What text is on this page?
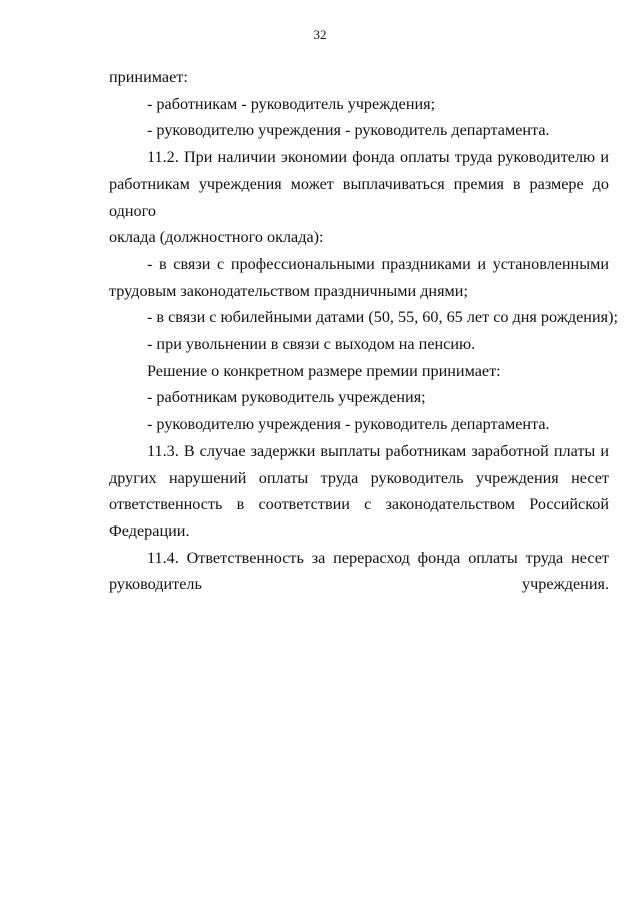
32
принимает:
- работникам - руководитель учреждения;
- руководителю учреждения - руководитель департамента.
11.2. При наличии экономии фонда оплаты труда руководителю и
работникам учреждения может выплачиваться премия в размере до одного
оклада (должностного оклада):
- в связи с профессиональными праздниками и установленными
трудовым законодательством праздничными днями;
- в связи с юбилейными датами (50, 55, 60, 65 лет со дня рождения);
- при увольнении в связи с выходом на пенсию.
Решение о конкретном размере премии принимает:
- работникам руководитель учреждения;
- руководителю учреждения - руководитель департамента.
11.3. В случае задержки выплаты работникам заработной платы и
других нарушений оплаты труда руководитель учреждения несет
ответственность в соответствии с законодательством Российской Федерации.
11.4. Ответственность за перерасход фонда оплаты труда несет
руководитель учреждения.
